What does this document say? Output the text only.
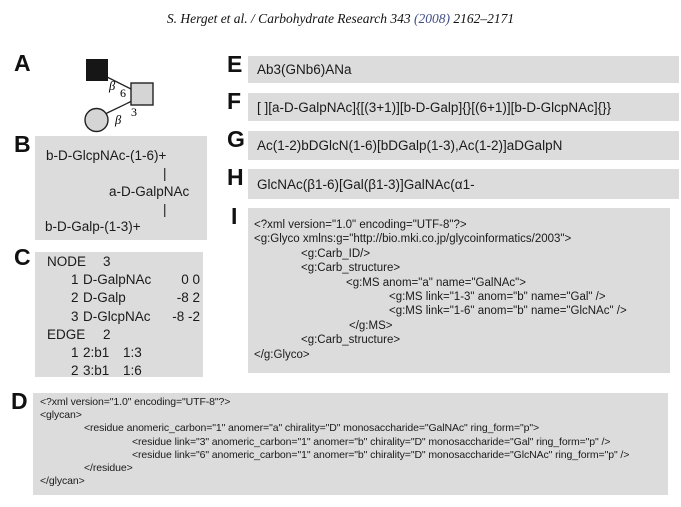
S. Herget et al. / Carbohydrate Research 343 (2008) 2162–2171
A
β 6
β
3
B b-D-GlcpNAc-(1-6)+
|
a-D-GalpNAc
|
b-D-Galp-(1-3)+
C NODE 3
1 D-GalpNAc	0 0
2 D-Galp	-8 2
3 D-GlcpNAc	-8 -2
EDGE 2
1 2:b1 1:3
2 3:b1 1:6
D <?xml version="1.0" encoding="UTF-8"?>
<glycan>
<residue anomeric_carbon="1" anomer="a" chirality="D" monosaccharide="GalNAc" ring_form="p">
<residue link="3" anomeric_carbon="1" anomer="b" chirality="D" monosaccharide="Gal" ring_form="p" />
<residue link="6" anomeric_carbon="1" anomer="b" chirality="D" monosaccharide="GlcNAc" ring_form="p" />
</residue>
</glycan>
E Ab3(GNb6)ANa
F [ ][a-D-GalpNAc]{[(3+1)][b-D-Galp]{}[(6+1)][b-D-GlcpNAc]{}}
G Ac(1-2)bDGlcN(1-6)[bDGalp(1-3),Ac(1-2)]aDGalpN
H GlcNAc(β1-6)[Gal(β1-3)]GalNAc(α1-
I <?xml version="1.0" encoding="UTF-8"?>
<g:Glyco xmlns:g="http://bio.mki.co.jp/glycoinformatics/2003">
<g:Carb_ID/>
<g:Carb_structure>
<g:MS anom="a" name="GalNAc">
<g:MS link="1-3" anom="b" name="Gal" />
<g:MS link="1-6" anom="b" name="GlcNAc" />
</g:MS>
<g:Carb_structure>
</g:Glyco>
